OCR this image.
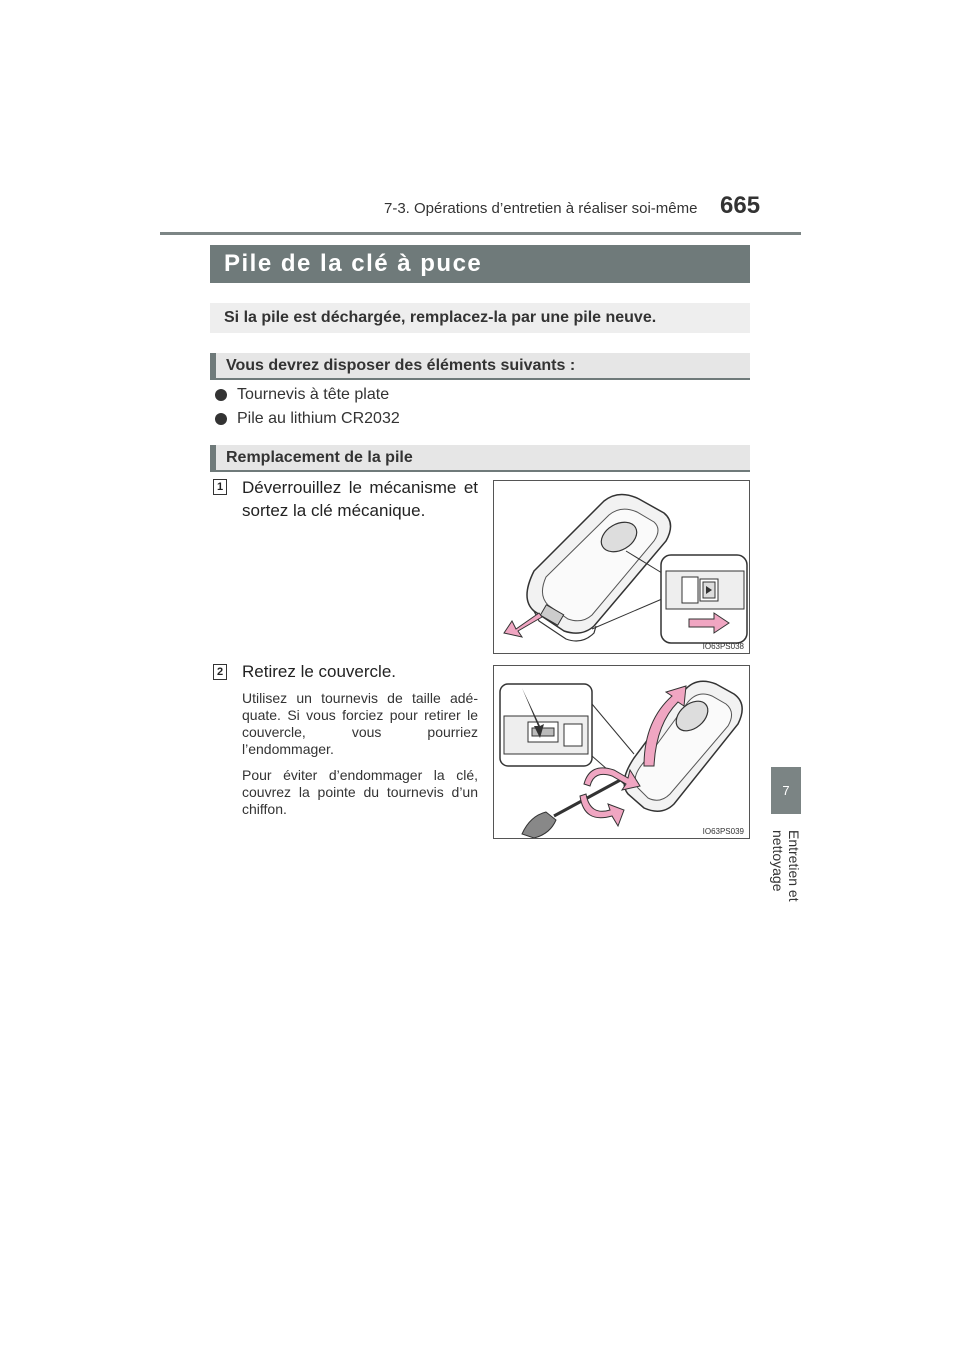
7-3. Opérations d’entretien à réaliser soi-même 665
7
Entretien et nettoyage
Pile de la clé à puce
Si la pile est déchargée, remplacez-la par une pile neuve.
Vous devrez disposer des éléments suivants :
Tournevis à tête plate
Pile au lithium CR2032
Remplacement de la pile
1 Déverrouillez le mécanisme et sortez la clé mécanique.
IO63PS038
2 Retirez le couvercle.

Utilisez un tournevis de taille adéquate. Si vous forciez pour retirer le couvercle, vous pourriez l’endommager.

Pour éviter d’endommager la clé, couvrez la pointe du tournevis d’un chiffon.

IO63PS039
